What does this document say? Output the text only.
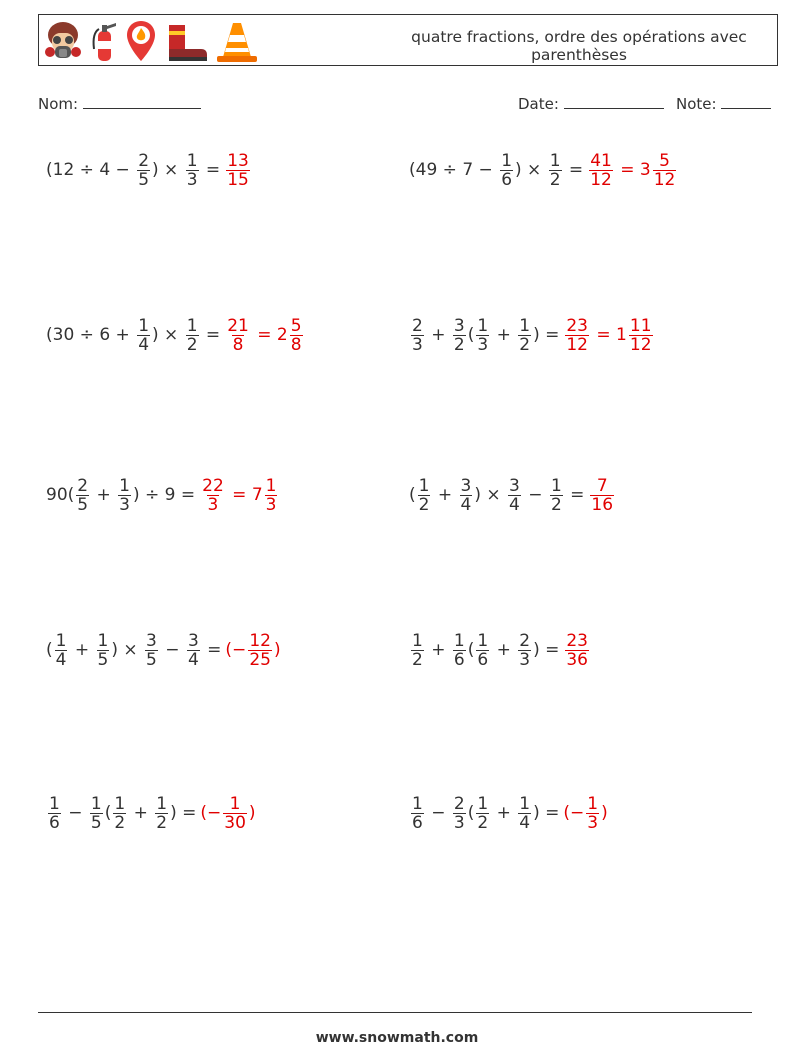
quatre fractions, ordre des opérations avec parenthèses
Nom:	Date:	Note:
($12 \div 4 - \frac{2}{5}$ ) × $\frac{1}{3} = \frac{13}{15}$	($49 \div 7 - \frac{1}{6}$ ) × $\frac{1}{2} = \frac{41}{12} = 3 \frac{5}{12}$
($30 \div 6 + \frac{1}{4}$ ) × $\frac{1}{2} = \frac{21}{8} = 2 \frac{5}{8}$	$\frac{2}{3} + \frac{3}{2}$ ( $\frac{1}{3} + \frac{1}{2}$ ) = $\frac{23}{12} = 1 \frac{11}{12}$
$90( \frac{2}{5} + \frac{1}{3}$ ) ÷ $9 = \frac{22}{3} = 7 \frac{1}{3}$	( $\frac{1}{2} + \frac{3}{4}$ ) × $\frac{3}{4} - \frac{1}{2} = \frac{7}{16}$
( $\frac{1}{4} + \frac{1}{5}$ ) × $\frac{3}{5} - \frac{3}{4}$ = (− $\frac{12}{25}$ )	$\frac{1}{2} + \frac{1}{6}$ ( $\frac{1}{6} + \frac{2}{3}$ ) = $\frac{23}{36}$
$\frac{1}{6} - \frac{1}{5}$ ( $\frac{1}{2} + \frac{1}{2}$ ) = (− $\frac{1}{30}$ )	$\frac{1}{6} - \frac{2}{3}$ ( $\frac{1}{2} + \frac{1}{4}$ ) = (− $\frac{1}{3}$ )
www.snowmath.com
